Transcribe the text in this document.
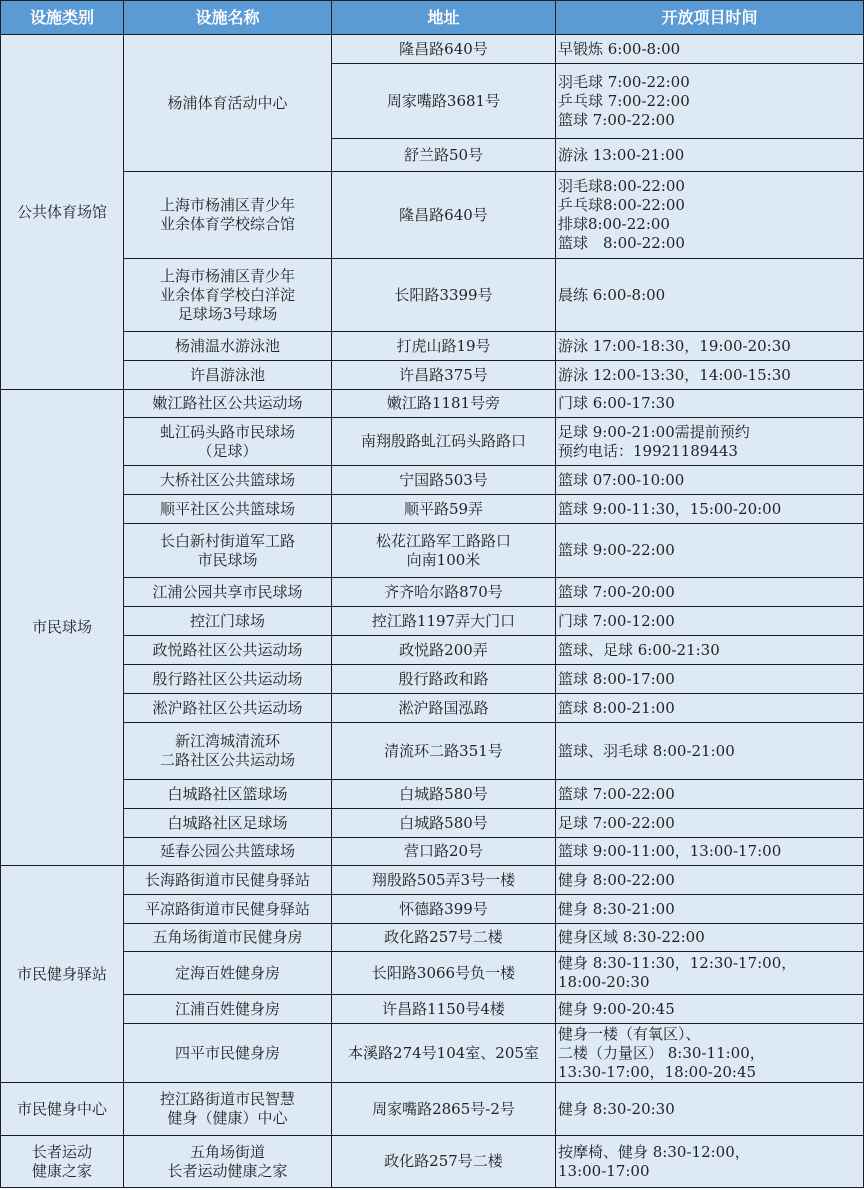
设施类别	设施名称	地址	开放项目时间
公共体育场馆	杨浦体育活动中心	隆昌路640号	早锻炼 6:00-8:00

		周家嘴路3681号	羽毛球 7:00-22:00
乒乓球 7:00-22:00
篮球 7:00-22:00

		舒兰路50号	游泳 13:00-21:00

	上海市杨浦区青少年
业余体育学校综合馆	隆昌路640号	羽毛球8:00-22:00
乒乓球8:00-22:00
排球8:00-22:00
篮球　8:00-22:00

	上海市杨浦区青少年
业余体育学校白洋淀
足球场3号球场	长阳路3399号	晨练 6:00-8:00

	杨浦温水游泳池	打虎山路19号	游泳 17:00-18:30，19:00-20:30

	许昌游泳池	许昌路375号	游泳 12:00-13:30，14:00-15:30

市民球场	嫩江路社区公共运动场	嫩江路1181号旁	门球 6:00-17:30

	虬江码头路市民球场
（足球）	南翔殷路虬江码头路路口	足球 9:00-21:00需提前预约
预约电话：19921189443

	大桥社区公共篮球场	宁国路503号	篮球 07:00-10:00

	顺平社区公共篮球场	顺平路59弄	篮球 9:00-11:30，15:00-20:00

	长白新村街道军工路
市民球场	松花江路军工路路口
向南100米	篮球 9:00-22:00

	江浦公园共享市民球场	齐齐哈尔路870号	篮球 7:00-20:00

	控江门球场	控江路1197弄大门口	门球 7:00-12:00

	政悦路社区公共运动场	政悦路200弄	篮球、足球 6:00-21:30

	殷行路社区公共运动场	殷行路政和路	篮球 8:00-17:00

	淞沪路社区公共运动场	淞沪路国泓路	篮球 8:00-21:00

	新江湾城清流环
二路社区公共运动场	清流环二路351号	篮球、羽毛球 8:00-21:00

	白城路社区篮球场	白城路580号	篮球 7:00-22:00

	白城路社区足球场	白城路580号	足球 7:00-22:00

	延春公园公共篮球场	营口路20号	篮球 9:00-11:00，13:00-17:00

市民健身驿站	长海路街道市民健身驿站	翔殷路505弄3号一楼	健身 8:00-22:00

	平凉路街道市民健身驿站	怀德路399号	健身 8:30-21:00

	五角场街道市民健身房	政化路257号二楼	健身区域 8:30-22:00

	定海百姓健身房	长阳路3066号负一楼	健身 8:30-11:30，12:30-17:00，
18:00-20:30

	江浦百姓健身房	许昌路1150号4楼	健身 9:00-20:45

	四平市民健身房	本溪路274号104室、205室	健身一楼（有氧区）、
二楼（力量区） 8:30-11:00，
13:30-17:00，18:00-20:45

市民健身中心	控江路街道市民智慧
健身（健康）中心	周家嘴路2865号-2号	健身 8:30-20:30

长者运动
健康之家	五角场街道
长者运动健康之家	政化路257号二楼	按摩椅、健身 8:30-12:00，
13:00-17:00
